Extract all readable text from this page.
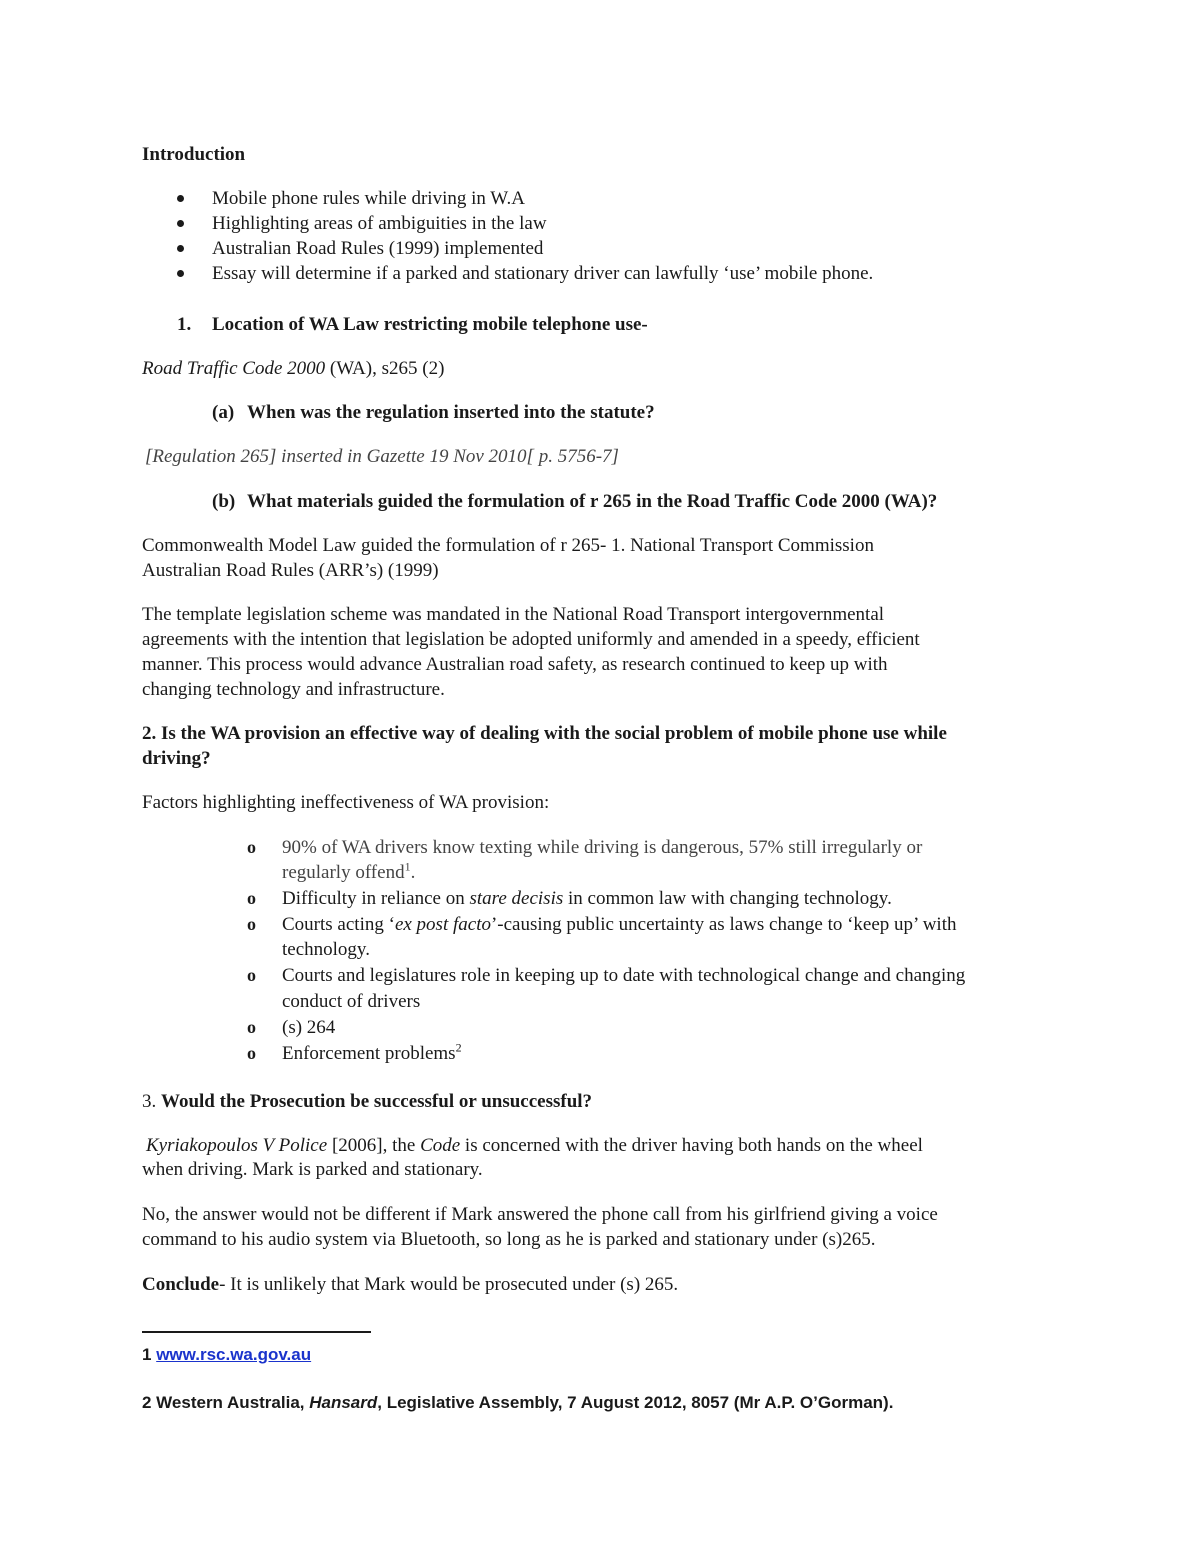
Introduction
Mobile phone rules while driving in W.A
Highlighting areas of ambiguities in the law
Australian Road Rules (1999) implemented
Essay will determine if a parked and stationary driver can lawfully ‘use’ mobile phone.
1. Location of WA Law restricting mobile telephone use-
Road Traffic Code 2000 (WA), s265 (2)
(a) When was the regulation inserted into the statute?
[Regulation 265] inserted in Gazette 19 Nov 2010[ p. 5756-7]
(b) What materials guided the formulation of r 265 in the Road Traffic Code 2000 (WA)?
Commonwealth Model Law guided the formulation of r 265- 1. National Transport Commission
Australian Road Rules (ARR’s) (1999)
The template legislation scheme was mandated in the National Road Transport intergovernmental
agreements with the intention that legislation be adopted uniformly and amended in a speedy, efficient
manner. This process would advance Australian road safety, as research continued to keep up with
changing technology and infrastructure.
2. Is the WA provision an effective way of dealing with the social problem of mobile phone use while
driving?
Factors highlighting ineffectiveness of WA provision:
o 90% of WA drivers know texting while driving is dangerous, 57% still irregularly or
regularly offend$^1$.
o Difficulty in reliance on stare decisis in common law with changing technology.
o Courts acting ‘ex post facto’-causing public uncertainty as laws change to ‘keep up’ with
technology.
o Courts and legislatures role in keeping up to date with technological change and changing
conduct of drivers
o (s) 264
o Enforcement problems$^2$
3. Would the Prosecution be successful or unsuccessful?
Kyriakopoulos V Police [2006], the Code is concerned with the driver having both hands on the wheel
when driving. Mark is parked and stationary.
No, the answer would not be different if Mark answered the phone call from his girlfriend giving a voice
command to his audio system via Bluetooth, so long as he is parked and stationary under (s)265.
Conclude- It is unlikely that Mark would be prosecuted under (s) 265.
1 www.rsc.wa.gov.au
2 Western Australia, Hansard, Legislative Assembly, 7 August 2012, 8057 (Mr A.P. O’Gorman).
